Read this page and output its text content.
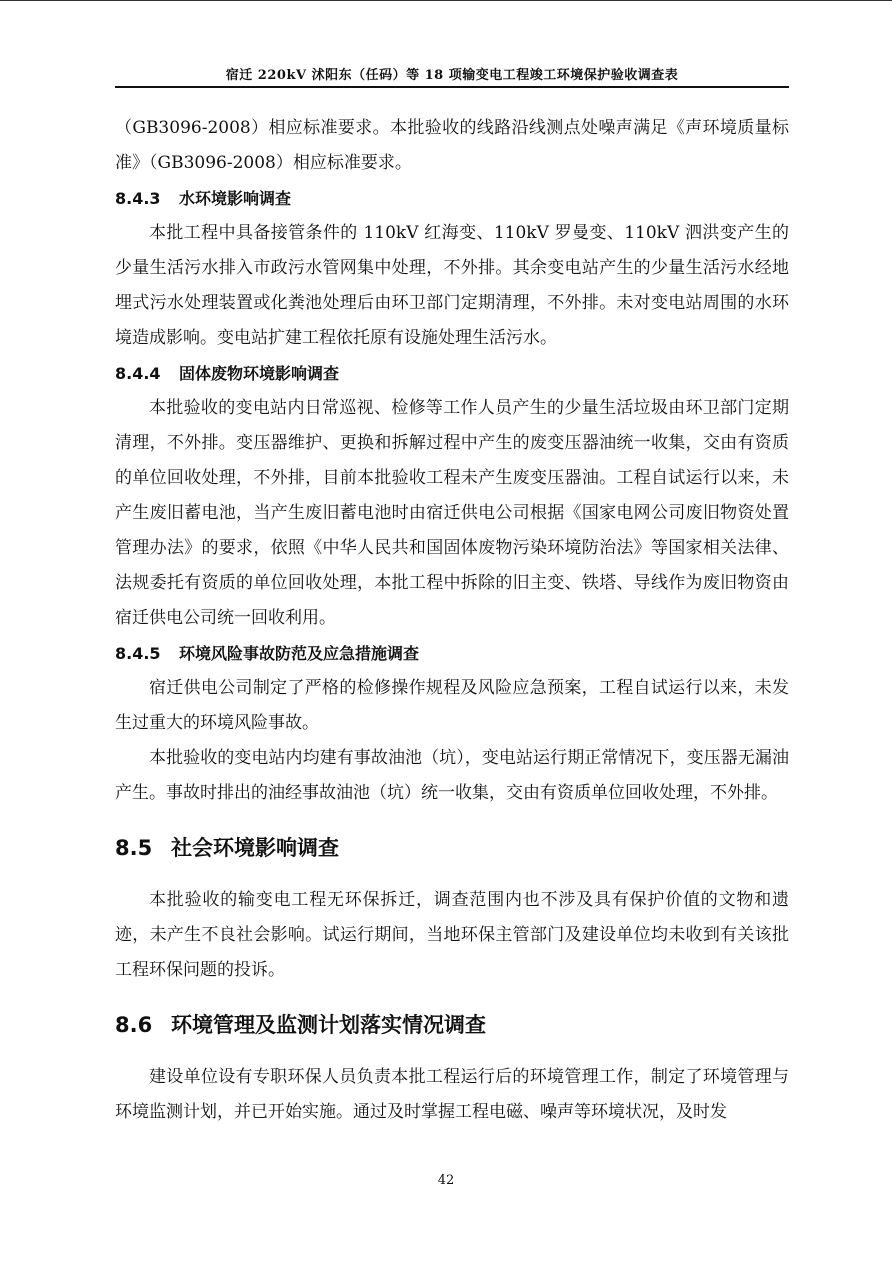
宿迁 220kV 沭阳东（任码）等 18 项输变电工程竣工环境保护验收调查表

（GB3096-2008）相应标准要求。本批验收的线路沿线测点处噪声满足《声环境质量标准》（GB3096-2008）相应标准要求。

8.4.3 水环境影响调查

本批工程中具备接管条件的 110kV 红海变、110kV 罗曼变、110kV 泗洪变产生的少量生活污水排入市政污水管网集中处理，不外排。其余变电站产生的少量生活污水经地埋式污水处理装置或化粪池处理后由环卫部门定期清理，不外排。未对变电站周围的水环境造成影响。变电站扩建工程依托原有设施处理生活污水。

8.4.4 固体废物环境影响调查

本批验收的变电站内日常巡视、检修等工作人员产生的少量生活垃圾由环卫部门定期清理，不外排。变压器维护、更换和拆解过程中产生的废变压器油统一收集，交由有资质的单位回收处理，不外排，目前本批验收工程未产生废变压器油。工程自试运行以来，未产生废旧蓄电池，当产生废旧蓄电池时由宿迁供电公司根据《国家电网公司废旧物资处置管理办法》的要求，依照《中华人民共和国固体废物污染环境防治法》等国家相关法律、法规委托有资质的单位回收处理，本批工程中拆除的旧主变、铁塔、导线作为废旧物资由宿迁供电公司统一回收利用。

8.4.5 环境风险事故防范及应急措施调查

宿迁供电公司制定了严格的检修操作规程及风险应急预案，工程自试运行以来，未发生过重大的环境风险事故。

本批验收的变电站内均建有事故油池（坑），变电站运行期正常情况下，变压器无漏油产生。事故时排出的油经事故油池（坑）统一收集，交由有资质单位回收处理，不外排。

8.5 社会环境影响调查

本批验收的输变电工程无环保拆迁，调查范围内也不涉及具有保护价值的文物和遗迹，未产生不良社会影响。试运行期间，当地环保主管部门及建设单位均未收到有关该批工程环保问题的投诉。

8.6 环境管理及监测计划落实情况调查

建设单位设有专职环保人员负责本批工程运行后的环境管理工作，制定了环境管理与环境监测计划，并已开始实施。通过及时掌握工程电磁、噪声等环境状况，及时发

42
